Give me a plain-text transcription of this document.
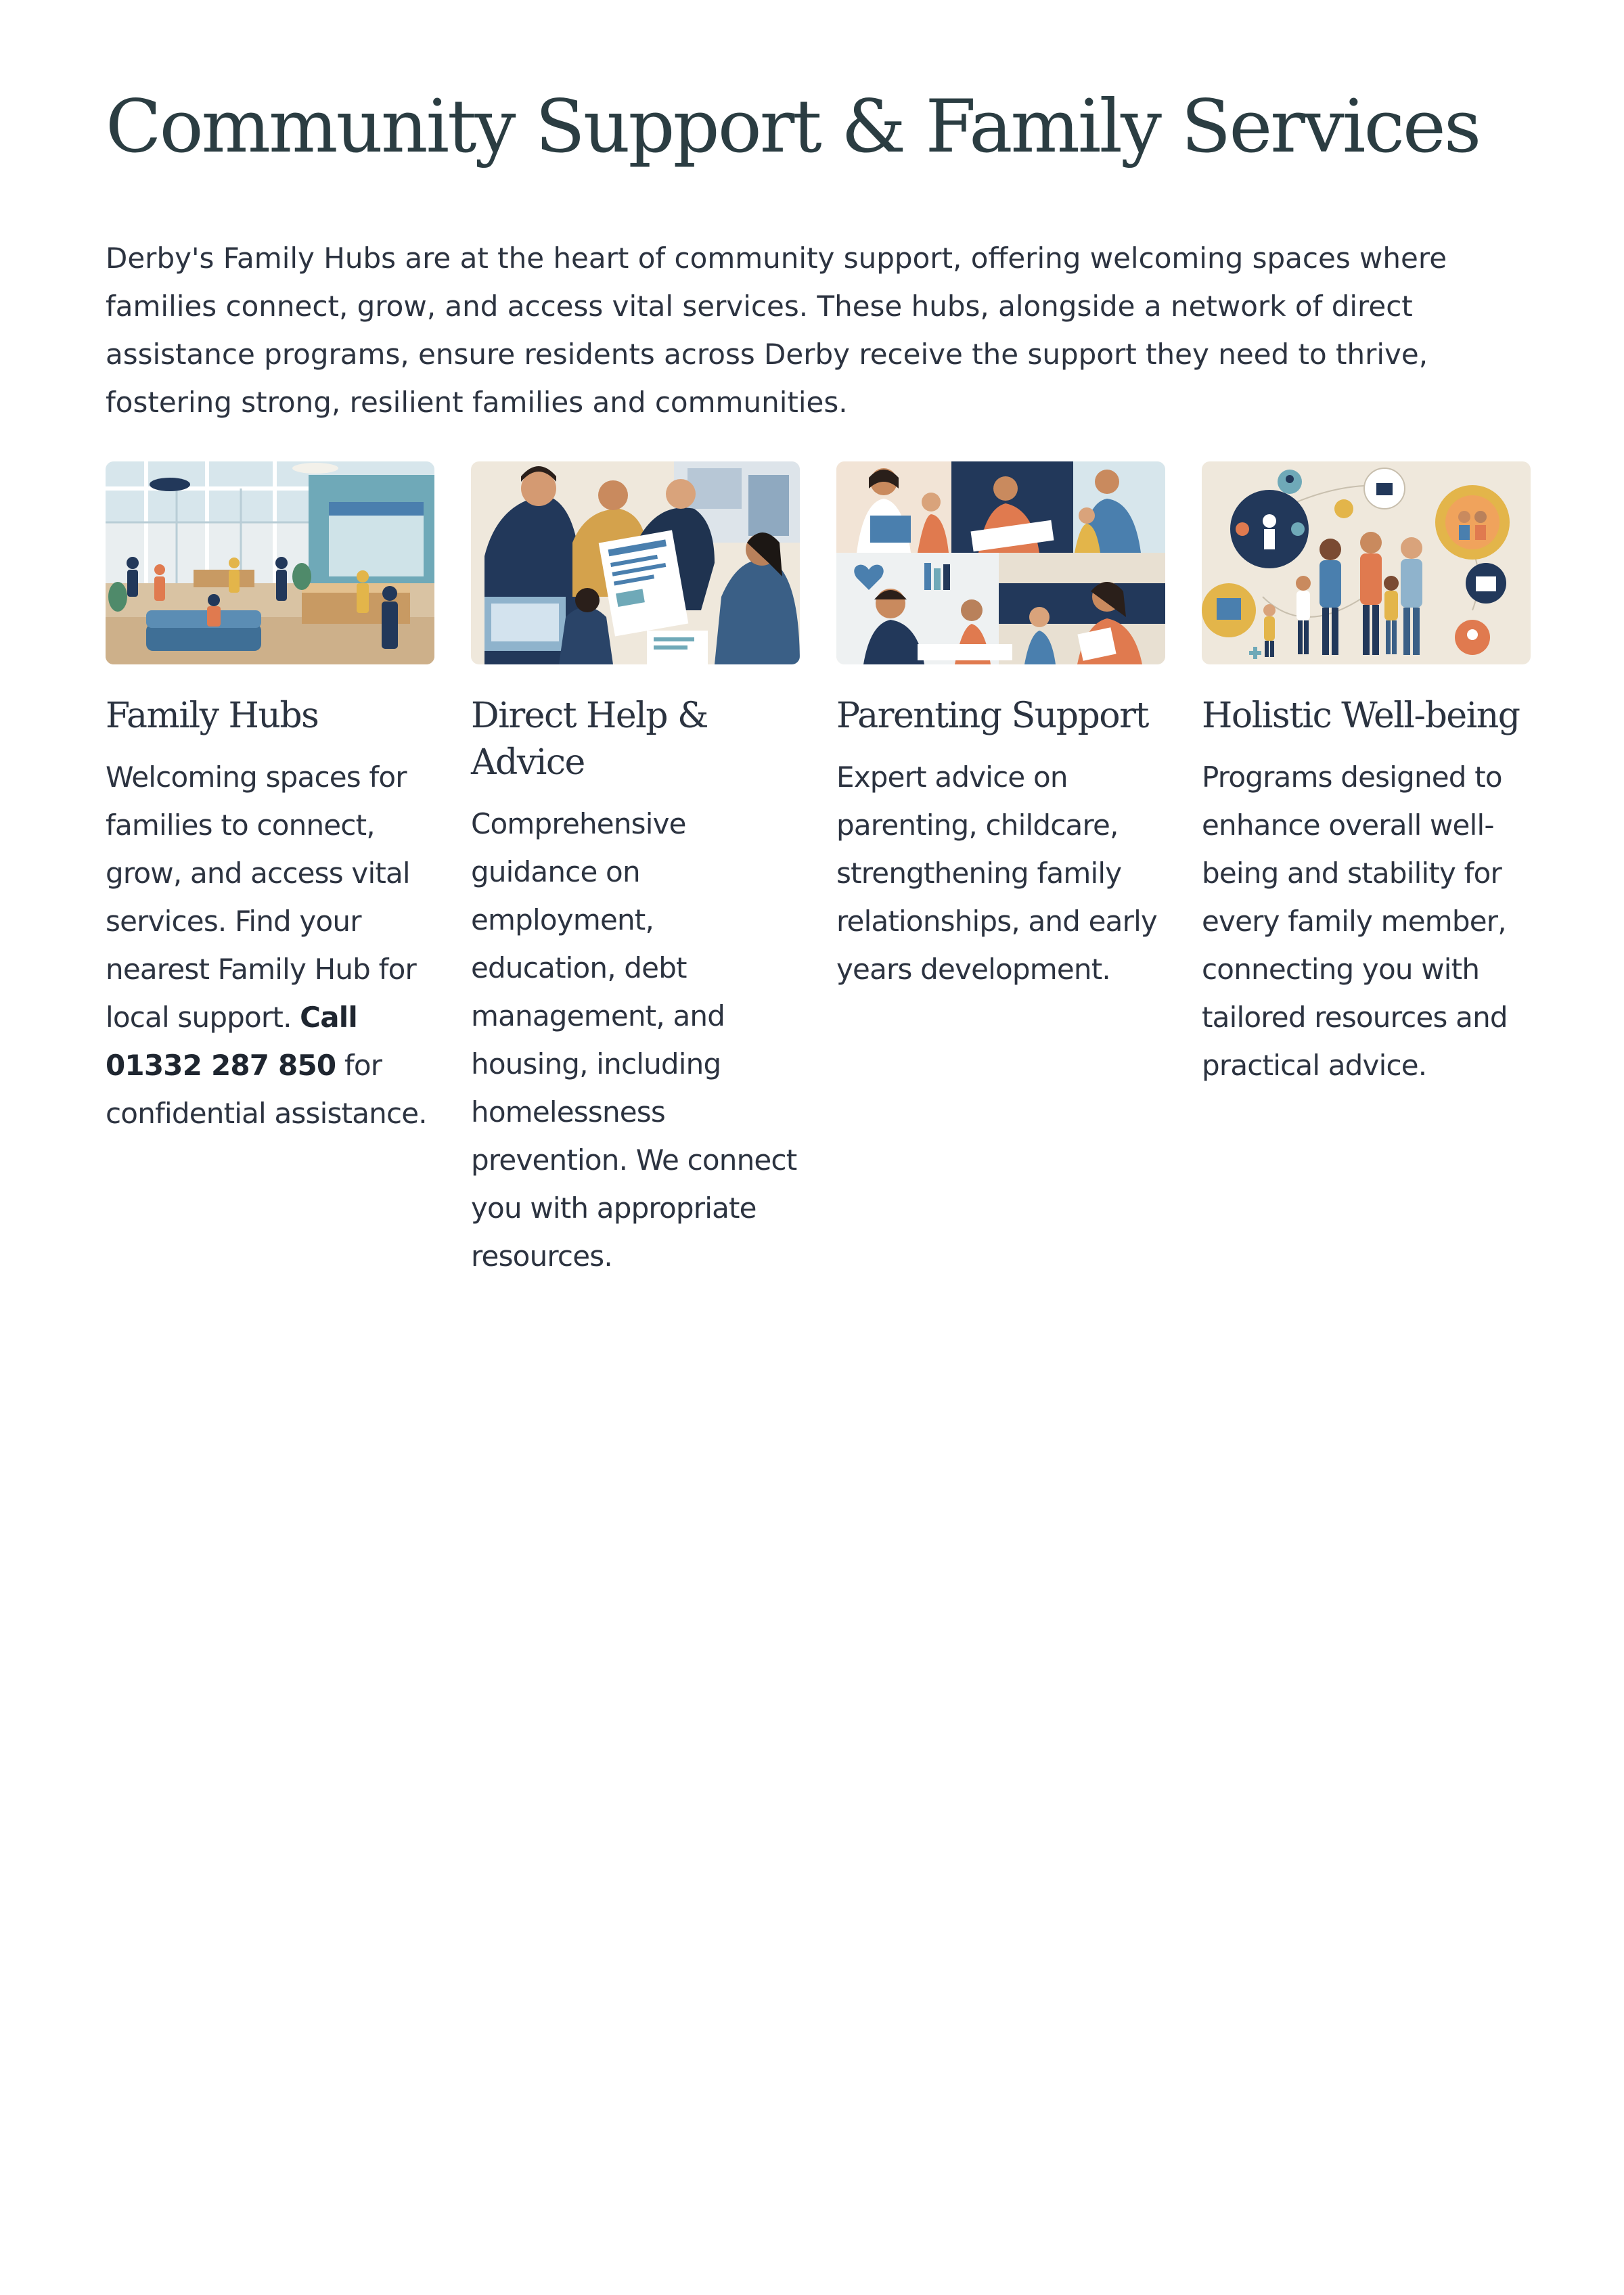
Community Support & Family Services

Derby's Family Hubs are at the heart of community support, offering welcoming spaces where families connect, grow, and access vital services. These hubs, alongside a network of direct assistance programs, ensure residents across Derby receive the support they need to thrive, fostering strong, resilient families and communities.

Family Hubs

Welcoming spaces for families to connect, grow, and access vital services. Find your nearest Family Hub for local support. Call 01332 287 850 for confidential assistance.

Direct Help & Advice

Comprehensive guidance on employment, education, debt management, and housing, including homelessness prevention. We connect you with appropriate resources.

Parenting Support

Expert advice on parenting, childcare, strengthening family relationships, and early years development.

Holistic Well-being

Programs designed to enhance overall well-being and stability for every family member, connecting you with tailored resources and practical advice.
